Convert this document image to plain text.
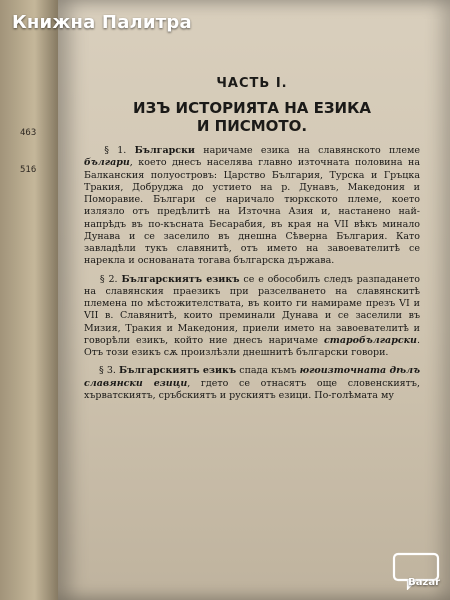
463
516
ЧАСТЬ I.
ИЗЪ ИСТОРИЯТА НА ЕЗИКА
И ПИСМОТО.

§ 1. Български наричаме езика на славянското племе българи, което днесъ населява главно източната половина на Балканския полуостровъ: Царство България, Турска и Гръцка Тракия, Добруджа до устието на р. Дунавъ, Македония и Поморавие. Българи се наричало тюркското племе, което излязло отъ предѣлитѣ на Източна Азия и, настанено най-напрѣдъ въ по-късната Бесарабия, въ края на VII вѣкъ минало Дунава и се заселило въ днешна Сѣверна България. Като завладѣли тукъ славянитѣ, отъ името на завоевателитѣ се нарекла и основаната тогава българска държава.

§ 2. Българскиятъ езикъ се е обособилъ следъ разпадането на славянския праезикъ при разселването на славянскитѣ племена по мѣстожителствата, въ които ги намираме презъ VI и VII в. Славянитѣ, които преминали Дунава и се заселили въ Мизия, Тракия и Македония, приели името на завоевателитѣ и говорѣли езикъ, който ние днесъ наричаме старобългарски. Отъ този езикъ сѫ произлѣзли днешнитѣ български говори.

§ 3. Българскиятъ езикъ спада къмъ югоизточната дѣлъ славянски езици, гдето се отнасятъ още словенскиятъ, хърватскиятъ, сръбскиятъ и рускиятъ езици. По-голѣмата му

Книжна Палитра
Bazar
